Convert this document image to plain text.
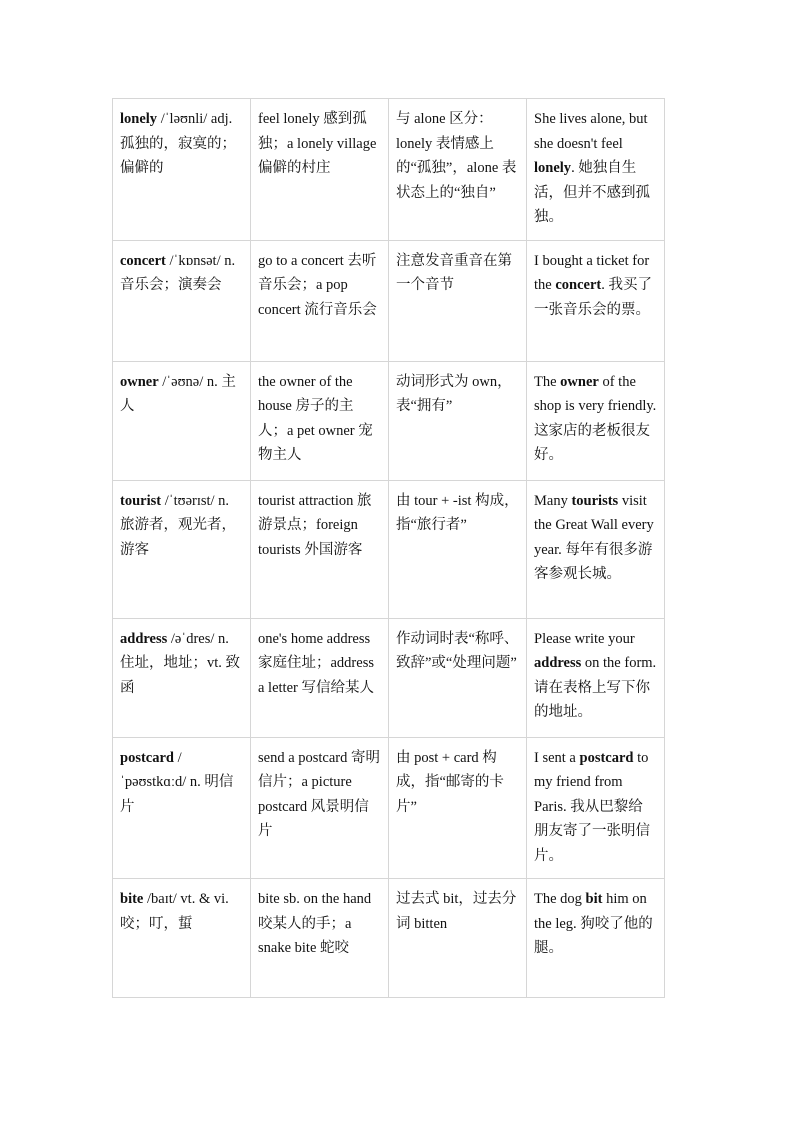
lonely /ˈləʊnli/ adj. 孤独的，寂寞的；偏僻的	feel lonely 感到孤独；a lonely village 偏僻的村庄	与 alone 区分：lonely 表情感上的“孤独”，alone 表状态上的“独自”	She lives alone, but she doesn't feel lonely. 她独自生活，但并不感到孤独。
concert /ˈkɒnsət/ n. 音乐会；演奏会	go to a concert 去听音乐会；a pop concert 流行音乐会	注意发音重音在第一个音节	I bought a ticket for the concert. 我买了一张音乐会的票。
owner /ˈəʊnə/ n. 主人	the owner of the house 房子的主人；a pet owner 宠物主人	动词形式为 own，表“拥有”	The owner of the shop is very friendly. 这家店的老板很友好。
tourist /ˈtʊərɪst/ n. 旅游者，观光者，游客	tourist attraction 旅游景点；foreign tourists 外国游客	由 tour + -ist 构成，指“旅行者”	Many tourists visit the Great Wall every year. 每年有很多游客参观长城。
address /əˈdres/ n. 住址，地址；vt. 致函	one's home address 家庭住址；address a letter 写信给某人	作动词时表“称呼、致辞”或“处理问题”	Please write your address on the form. 请在表格上写下你的地址。
postcard /ˈpəʊstkɑːd/ n. 明信片	send a postcard 寄明信片；a picture postcard 风景明信片	由 post + card 构成，指“邮寄的卡片”	I sent a postcard to my friend from Paris. 我从巴黎给朋友寄了一张明信片。
bite /baɪt/ vt. & vi. 咬；叮，蜇	bite sb. on the hand 咬某人的手；a snake bite 蛇咬	过去式 bit，过去分词 bitten	The dog bit him on the leg. 狗咬了他的腿。
